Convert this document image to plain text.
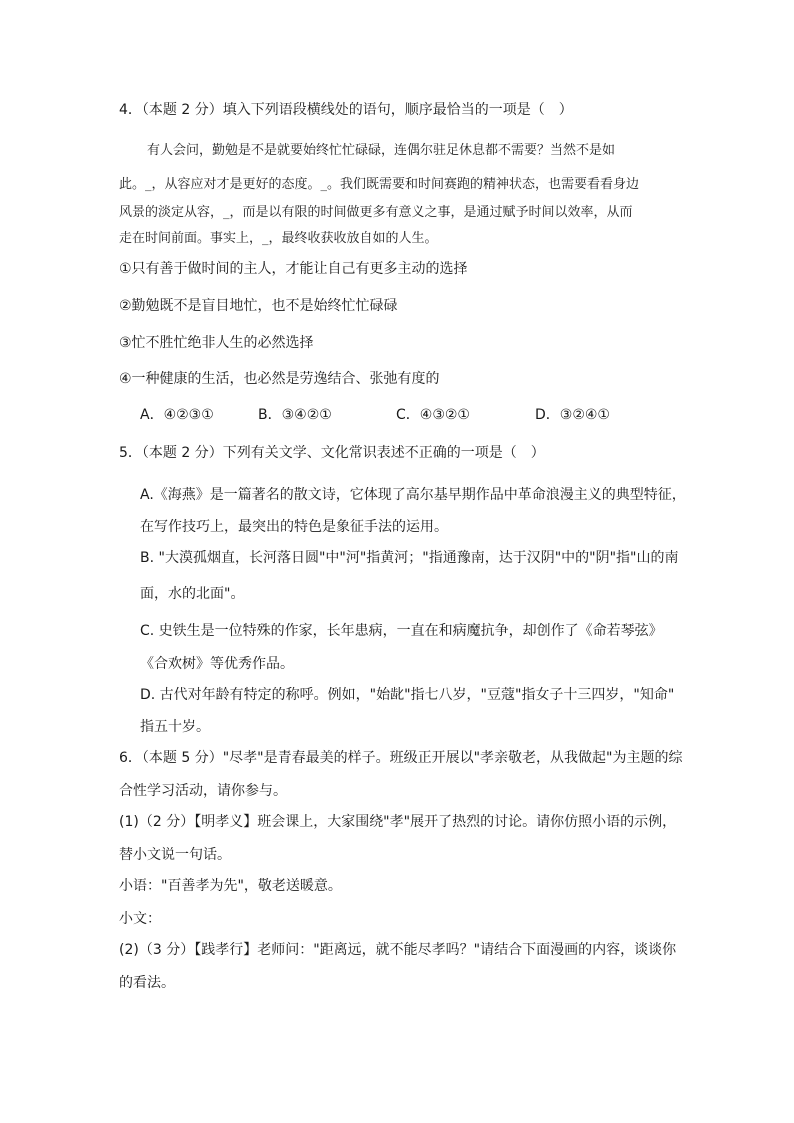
4．（本题 2 分）填入下列语段横线处的语句，顺序最恰当的一项是（　）
有人会问，勤勉是不是就要始终忙忙碌碌，连偶尔驻足休息都不需要？当然不是如
此。_，从容应对才是更好的态度。_。我们既需要和时间赛跑的精神状态，也需要看看身边
风景的淡定从容，_，而是以有限的时间做更多有意义之事，是通过赋予时间以效率，从而
走在时间前面。事实上，_，最终收获收放自如的人生。
①只有善于做时间的主人，才能让自己有更多主动的选择
②勤勉既不是盲目地忙，也不是始终忙忙碌碌
③忙不胜忙绝非人生的必然选择
④一种健康的生活，也必然是劳逸结合、张弛有度的
A．④②③①	B．③④②①	C．④③②①	D．③②④①
5．（本题 2 分）下列有关文学、文化常识表述不正确的一项是（　）
A.《海燕》是一篇著名的散文诗，它体现了高尔基早期作品中革命浪漫主义的典型特征，
在写作技巧上，最突出的特色是象征手法的运用。
B. "大漠孤烟直，长河落日圆"中"河"指黄河；"指通豫南，达于汉阴"中的"阴"指"山的南
面，水的北面"。
C. 史铁生是一位特殊的作家，长年患病，一直在和病魔抗争，却创作了《命若琴弦》
《合欢树》等优秀作品。
D. 古代对年龄有特定的称呼。例如，"始龀"指七八岁，"豆蔻"指女子十三四岁，"知命"
指五十岁。
6．（本题 5 分）"尽孝"是青春最美的样子。班级正开展以"孝亲敬老，从我做起"为主题的综
合性学习活动，请你参与。
(1)（2 分）【明孝义】班会课上，大家围绕"孝"展开了热烈的讨论。请你仿照小语的示例，
替小文说一句话。
小语："百善孝为先"，敬老送暖意。
小文：
(2)（3 分）【践孝行】老师问："距离远，就不能尽孝吗？"请结合下面漫画的内容，谈谈你
的看法。
